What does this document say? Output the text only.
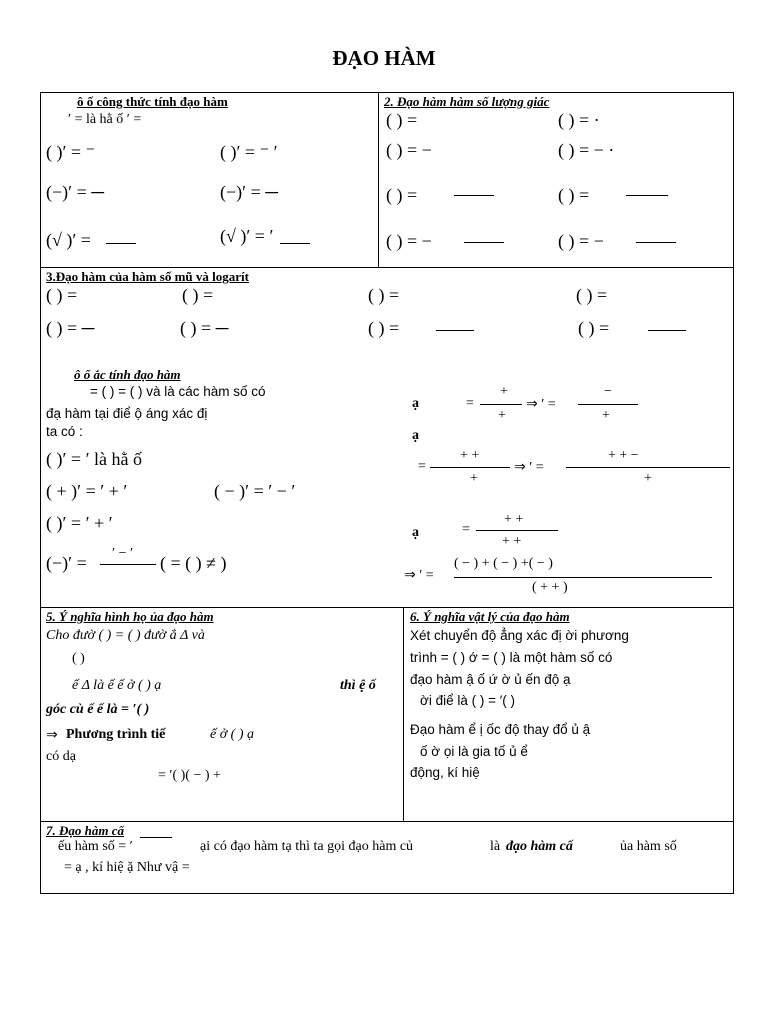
ĐẠO HÀM
ô ố công thức tính đạo hàm
′ = là hằ ố ′ =
( )′ = ⁻	( )′ = ⁻ ′
(−)′ = ─	(−)′ = ─
(√ )′ =	(√ )′ = ′
2. Đạo hàm hàm số lượng giác
( ) =	( ) = ·
( ) = −	( ) = − ·
( ) =	( ) =
( ) = −	( ) = −
3.Đạo hàm của hàm số mũ và logarít
( ) =	( ) =	( ) =	( ) =
( ) = ─	( ) = ─	( ) =	( ) =
ô ố ắc tính đạo hàm
= ( ) = ( ) và là các hàm số có
đạ hàm tại điể ộ áng xác đị
ta có :
( )′ = ′ là hằ ố
( + )′ = ′ + ′	( − )′ = ′ − ′
( )′ = ′ + ′
(−)′ = ′ − ′ ( = ( ) ≠ )
ạ	=
+
+
⇒ ′ =
−
+
ạ
=
+ +
+
⇒ ′ =
+ + −
+
ạ	=
+ +
+ +
⇒ ′ =
( − ) + ( − ) +( − )
( + + )
5. Ý nghĩa hình họ ủa đạo hàm
Cho đườ ( ) = ( ) đườ ắ Δ và
( )
ế Δ là ế ế ở ( ) ạ	thì ệ ố
góc cù ế ế là = ′( )
⇒ Phương trình tiế	ế ở ( ) ạ
có dạ
= ′( )( − ) +
6. Ý nghĩa vật lý của đạo hàm
Xét chuyển độ ẳng xác đị ời phương
trình = ( ) ớ = ( ) là một hàm số có
đạo hàm ậ ố ứ ờ ủ ến độ ạ
ời điể là ( ) = ′( )
Đạo hàm ể ị ốc độ thay đổ ủ ậ
ố ờ ọi là gia tố ủ ể
động, kí hiệ
7. Đạo hàm cấ
ếu hàm số = ′	ại có đạo hàm tạ thì ta gọi đạo hàm củ	là đạo hàm cấ	ủa hàm số
= ạ , kí hiệ ặ Như vậ =
